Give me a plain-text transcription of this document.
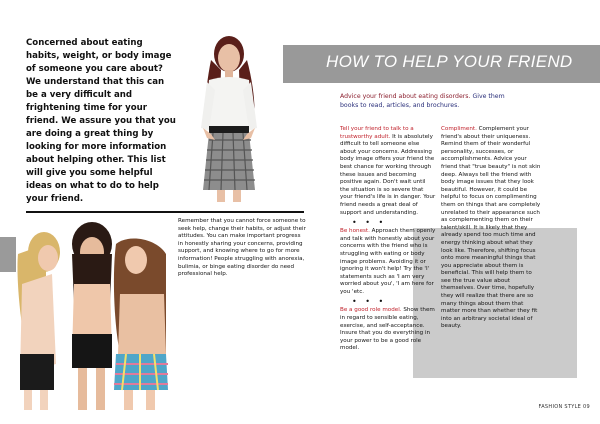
Concerned about eating habits, weight, or body image of someone you care about? We understand that this can be a very difficult and frightening time for your friend. We assure you that you are doing a great thing by looking for more information about helping other. This list will give you some helpful ideas on what to do to help your friend.
Remember that you cannot force someone to seek help, change their habits, or adjust their attitudes. You can make important progress in honestly sharing your concerns, providing support, and knowing where to go for more information! People struggling with anorexia, bulimia, or binge eating disorder do need professional help.
HOW TO HELP YOUR FRIEND
Advice your friend about eating disorders. Give them books to read, articles, and brochures.
Tell your friend to talk to a trustworthy adult. It is absolutely difficult to tell someone else about your concerns. Addressing body image offers your friend the best chance for working through these issues and becoming positive again. Don't wait until the situation is so severe that your friend's life is in danger. Your friend needs a great deal of support and understanding.
• • •
Be honest. Approach them openly and talk with honestly about your concerns with the friend who is struggling with eating or body image problems. Avoiding it or ignoring it won't help! Try the 'I' statements such as 'I am very worried about you', 'I am here for you 'etc.
• • •
Be a good role model. Show them in regard to sensible eating, exercise, and self-acceptance. Insure that you do everything in your power to be a good role model.
Compliment. Complement your friend's about their uniqueness. Remind them of their wonderful personality, successes, or accomplishments. Advice your friend that "true beauty" is not skin deep. Always tell the friend with body image issues that they look beautiful. However, it could be helpful to focus on complimenting them on things that are completely unrelated to their appearance such as complementing them on their talent/skill. It is likely that they already spend too much time and energy thinking about what they look like. Therefore, shifting focus onto more meaningful things that you appreciate about them is beneficial. This will help them to see the true value about themselves. Over time, hopefully they will realize that there are so many things about them that matter more than whether they fit into an arbitrary societal ideal of beauty.
FASHION STYLE 09
